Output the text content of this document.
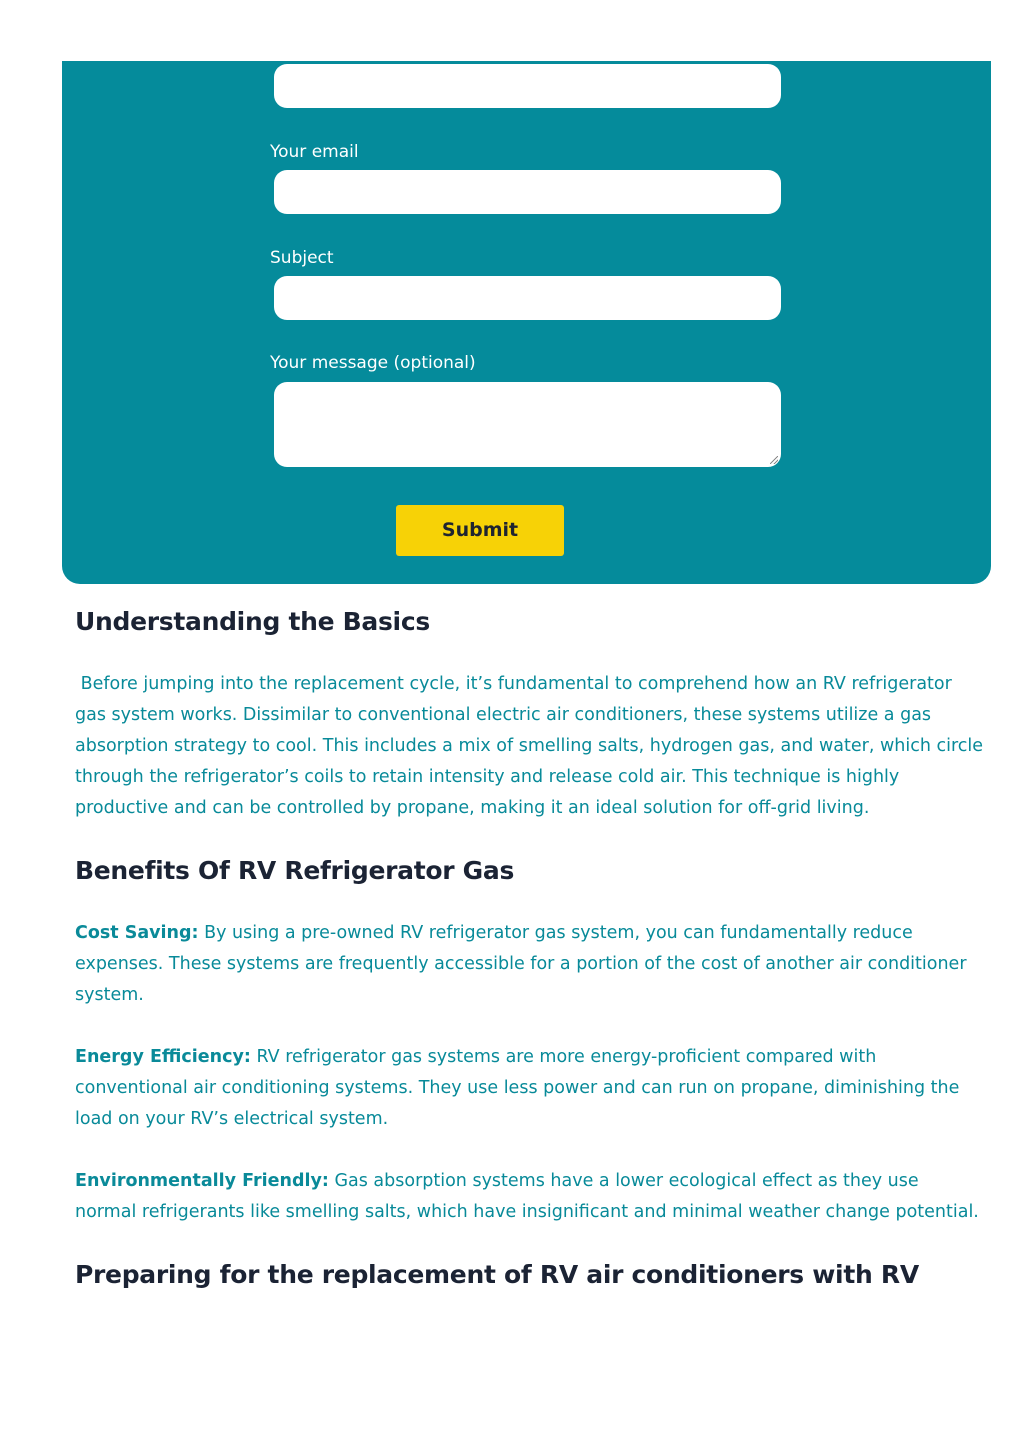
Your email
Subject
Your message (optional)
Submit
Understanding the Basics

Before jumping into the replacement cycle, it’s fundamental to comprehend how an RV refrigerator gas system works. Dissimilar to conventional electric air conditioners, these systems utilize a gas absorption strategy to cool. This includes a mix of smelling salts, hydrogen gas, and water, which circle through the refrigerator’s coils to retain intensity and release cold air. This technique is highly productive and can be controlled by propane, making it an ideal solution for off-grid living.

Benefits Of RV Refrigerator Gas

Cost Saving: By using a pre-owned RV refrigerator gas system, you can fundamentally reduce expenses. These systems are frequently accessible for a portion of the cost of another air conditioner system.

Energy Efficiency: RV refrigerator gas systems are more energy-proficient compared with conventional air conditioning systems. They use less power and can run on propane, diminishing the load on your RV’s electrical system.

Environmentally Friendly: Gas absorption systems have a lower ecological effect as they use normal refrigerants like smelling salts, which have insignificant and minimal weather change potential.

Preparing for the replacement of RV air conditioners with RV
